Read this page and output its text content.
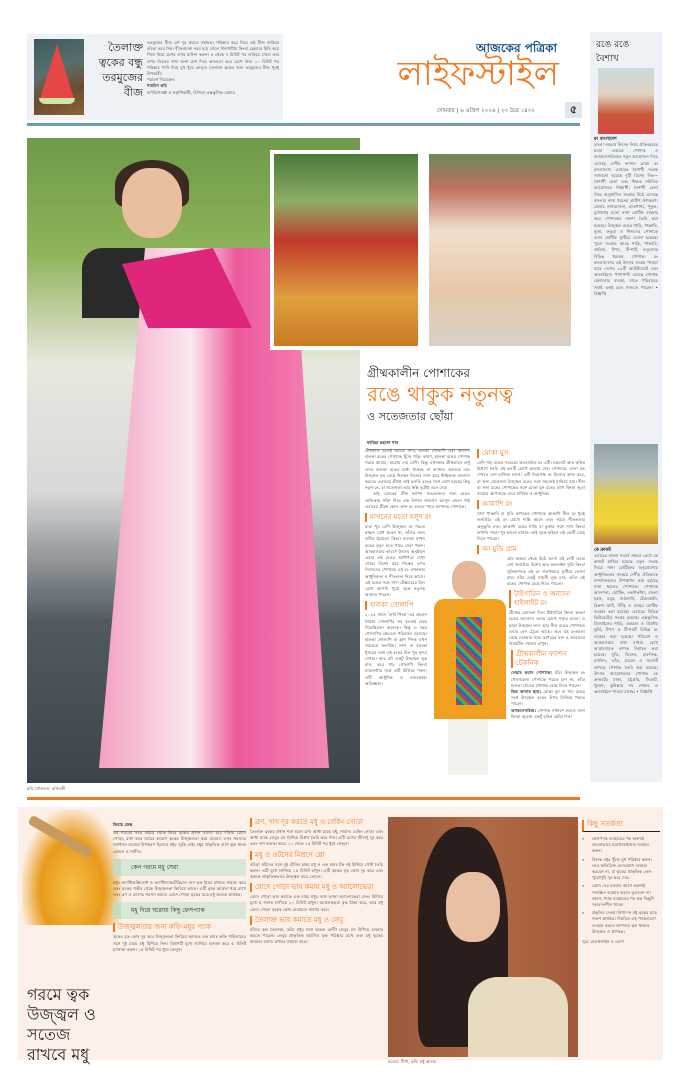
তৈলাক্ত
ত্বকের বন্ধু
তরমুজের
বীজ

তরমুজের বীজ ব্রণ দূর করতে সহায়ক। পরিষ্কার করে নিয়ে এই বীজ শুকিয়ে গুঁড়ো করে নিন। বীজগুলো নরম হয়ে গেলে শিলপাটায় কিংবা ব্লেন্ডারে মিহি করে পিষে নিয়ে ব্রণের ওপর মালিশ করুন। ৫ থেকে ৭ মিনিট পর শুকিয়ে গেলে তার ওপর তিলের সাদা অংশ ব্রাশ দিয়ে আলতো করে মেখে নিন। ১০ মিনিট পর পরিষ্কার পানি দিয়ে মুখ ধুয়ে ফেলুন। তৈলাক্ত ত্বকের জন্য তরমুজের বীজ খুবই উপকারী।

পরামর্শ দিয়েছেন:

শারমিন কচি

রূপবিশেষজ্ঞ ও স্বত্বাধিকারী, বিন্দিয়া এক্সক্লুসিভ কেয়ার

আজকের পত্রিকা
লাইফস্টাইল
সোমবার | ৬ এপ্রিল ২০২৬ | ২৩ চৈত্র ১৪৩২	৫
রঙে রঙে
বৈশাখ
রং বাংলাদেশ
বাংলা নববর্ষে উৎসব নিয়ে প্রতিবছরের মতো এবারও পোশাক ও অ্যাকসেসরিজের নতুন আয়োজন নিয়ে এসেছে দেশীয় ফ্যাশন ব্র্যান্ড রং বাংলাদেশ। এবারের বৈশাখী সংগ্রহ সাজানো হয়েছে দুটি বিশেষ দিক—বৈশাখী মেলা এবং শিক্ষক সমিতির আয়োজনে শিক্ষার্থী। বৈশাখী মেলা নিয়ে অনুপ্রাণিত সংগ্রহে উঠে এসেছে বাংলার নানা ধরনের গ্রামীণ উপকরণ। মেলার নাগরদোলা, হাতপাখা, পুতুল, মুখোশের মতো নানা মোটিফ ব্যবহার করে পোশাকের নকশা তৈরি করা হয়েছে। উজ্জ্বল রঙের শাড়ি, পাঞ্জাবি, কুর্তা, ফতুয়া ও শিশুদের পোশাকে এসব মোটিফ ফুটিয়ে তোলা হয়েছে। পুরো সংগ্রহে আছে শাড়ি, পাঞ্জাবি, কামিজ, টপস, টি-শার্ট, ফতুয়াসহ বিভিন্ন ধরনের পোশাক। রং বাংলাদেশের এই উৎসব সংগ্রহ পাওয়া যাবে দেশের ২৯টি আউটলেটে এবং অনলাইনে। পাশাপাশি রয়েছে পোশাক মেলানোর ব্যবস্থা, যাতে পরিবারের সবাই একই রঙে সাজতে পারেন। • বিজ্ঞপ্তি
কে ক্রাফট
এবারের বাংলা নববর্ষ সামনে রেখে কে ক্রাফট হাজির হয়েছে নতুন সংগ্রহ নিয়ে। নানা মোটিফের অনুপ্রেরণায় আধুনিকতার সমন্বয়ে দেশীয় ঐতিহ্যকে নান্দনিকভাবে উপস্থাপন করা হয়েছে নানা ধরনের পোশাকে। পোশাকে আলপনা, মোটিফ, নকশিকাঁথা, বাংলা হরফ, ময়ূর, জামদানি, টেরাকোটা, রিকশা আর্ট, সিঁড়ি ও মাছের মোটিফ ব্যবহার করা হয়েছে। এবারের বিভিন্ন কিউরেটেড সংগ্রহ রয়েছে। এক্সক্লুসিভ ডিজাইনের শাড়ি, একরঙা ও প্রিন্টের কুর্তি, টপস ও টি-শার্টে বিভিন্ন রং ব্যবহার করা হয়েছে। পরিবেশ ও আবহাওয়ার কথা মাথায় রেখে আরামদায়ক কাপড় নির্বাচন করা হয়েছে। সুতি, লিনেন, হাফসিল্ক, মসলিন, তাঁত, ভয়েল ও জর্জেট কাপড়ে পোশাক তৈরি করা হয়েছে। উৎসব আয়োজনের পোশাক কে ক্রাফটের ঢাকা, চট্টগ্রাম, সিলেট, খুলনা, কুমিল্লার সব শোরুম ও অনলাইনে পাওয়া যাচ্ছে। • বিজ্ঞপ্তি
ছবি সৌজন্যে: রঙিনকী
গ্রীষ্মকালীন পোশাকের
রঙে থাকুক নতুনত্ব
ও সতেজতার ছোঁয়া
ফারিয়া রহমান খান

গ্রীষ্মকাল এলেই আমরা সাদা, হালকা গোলাপি এবং অন্যান্য হালকা রঙের পোশাকে খুঁজে পড়ি। কারণ, হালকা রঙের পোশাক গরমে আরাম, আরাম দেয় বেশি। কিন্তু এখনকার গ্রীষ্মকালে শুধু এসব হালকা রঙের মধ্যে থাকছে না ফ্যাশন। অনেকে বরং উজ্জ্বল রঙ বেছে নিচ্ছেন নিজের সাজ আর স্টাইলকে আলাদা করতে। এবারের গ্রীষ্মে তাই চলতি রঙের সঙ্গে যোগ হয়েছে কিছু নতুন রং, যা সতেজতা আর স্বস্তি দুটোই এনে দেয়।

তাই এবারের গ্রীষ্ম ফ্যাশন সচেতনদের জন্য রঙের তালিকায় শক্তি নিয়ে এক বিশাল জায়গা। আসুন জেনে নিই এবারের গ্রীষ্মে কোন কোন রং চলতে পারে আপনার পোশাকে।

মাখনের মতো হলুদ রং

যারা খুব বেশি উজ্জ্বল রং পরতে স্বচ্ছন্দ বোধ করেন না, তাঁদের জন্য বাটার ইয়েলো কিংবা হালকা মাখন রঙের হলুদ হতে পারে সেরা পছন্দ। আবহাওয়ার কারণে উৎসব অনুষ্ঠানে এবার এই রঙের আধিপত্য দেখা গেছে; বিশেষ করে সিল্কের ওপর নিজেদের পোশাকে এই রং এখনকার আধুনিকতা ও শীতলতা নিয়ে আসে। এই রঙের সঙ্গে সাদা টেক্সচারের মিল রেখে আপনি পুরো লুকে নতুনত্ব আনতে পারেন।

হালকা গোলাপি

২০২৫ সালে ‘বার্বি পিংক’-এর প্রচলন থাকায় গোলাপির সব রংকেই বেছে নিয়েছিলেন অনেকে। কিন্তু এ বছর গোলাপির ক্ষেত্রেও পরিবর্তন এসেছে। হালকা গোলাপি বা ব্লাশ পিংক এখন সবচেয়ে জনপ্রিয়। সাদা বা হালকা ধূসরের সঙ্গে এই রঙের মিল খুব সুন্দর দেখায়। আর যদি একটু উজ্জ্বল লুক চান, তবে গাঢ় গোলাপি কিংবা ম্যাজেন্টার সঙ্গে এটি মিলিয়ে পরুন; এটি আধুনিক ও নজরকাড়া অভিজ্ঞতা।

মোকা মুস

বেশি গাঢ় রঙের সবচেয়ে আলোচিত রং এটি। চকলেট আর কফির মিশ্রণে তৈরি এই রঙটি চোখে আরাম দেয়। পোশাকে, ঢেলা রঙ দেখতে বেশ মার্জিত লাগে। এটি নিরপেক্ষ রং হিসেবে কাজ করে, যা অন্য যেকোনো উজ্জ্বল রঙের সঙ্গে সহজেই মানিয়ে যায়। নীল বা সাদা রঙের পোশাকের সঙ্গে মোকা মুস রঙের ব্যাগ কিংবা জুতা ব্যবহার আপনাকে দেবে মার্জিত ও আধুনিক।

আকাশি রং

সাদা পাঞ্জাবি বা সুতি কাপড়ের পোশাকে আকাশি নীল রং খুবই জনপ্রিয়। এই রং চোখে শান্তি আনে এবং গরমে শীতলতার অনুভূতি দেয়। আকাশি রঙের শাড়ি বা কুর্তার সঙ্গে সাদা কিংবা রুপালি গয়না খুব ভালো মানায়। তাই লুকে চাইলে এই রঙটি বেছে নিতে পারেন।

আ মুডি গ্রাম

গ্রাম অঞ্চল থেকে উঠে আসা এই রংটি এবার বেশ জনপ্রিয়। বিশেষ করে অনলাইন সুতি কিংবা সুতিকাপড়ে এই রং দারুণভাবে ফুটিয়ে তোলা যায়। যাঁরা একটু সাহসী লুক চান, তাঁরা এই রঙের পোশাক বেছে নিতে পারেন।

টাইগারিন ও অন্যান্য হাইলাইট রং

গ্রীষ্মের রোদেলা দিনে টাইগারিন কিংবা কমলা রঙের আবেদন এবার চোখে পড়ার মতো। এ ছাড়া উজ্জ্বল লাল আর নীল রঙের পোশাকও এবার বেশ ট্রেন্ডে আছে। তবে এই রংগুলো বেছে নেওয়ার সময় কাপড়ের মান ও আরামের বিষয়টিও খেয়াল রাখুন।

গ্রীষ্মকালীন ফ্যাশন টেকনিক

লেয়ার কমান পোশাকে: যাঁরা উজ্জ্বল রং খোলামেলা পোশাকে পরতে চান না, তাঁরা হালকা শেডের পোশাক বেছে নিতে পারেন।

ভিন্ন আনার ছাড়: মোকা মুস বা গাঢ় রঙের সঙ্গে উজ্জ্বল রঙের উপর মিলিয়ে পরতে পারেন।

অ্যাকসেসরিজ: পোশাক সাধারণ হলেও ব্যাগ কিংবা জুতায় একটু রঙিন ছোঁয়া দিন।

গরমে ত্বক
উজ্জ্বল ও
সতেজ
রাখবে মধু
ফিচার ডেস্ক

এই গরমের সময় বাইরে থেকে ফিরে ত্বকের প্রধান সমস্যা হয়ে দাঁড়ায় রোদে পোড়া, র‍্যাশ আর ঘামের কারণে ত্বকের উজ্জ্বলতা কমে যাওয়া। এসব সমস্যার সমাধানে ঘরোয়া উপকরণ হিসেবে মধুর জুড়ি নেই। মধুর প্রাকৃতিক গুণে ত্বক থাকে কোমল ও সজীব।

কেন গরমে মধু সেরা

মধুর অ্যান্টিঅক্সিডেন্ট ও অ্যান্টিব্যাকটেরিয়াল গুণ ত্বক ঠান্ডা রাখতে সাহায্য করে এবং ত্বকের গভীর থেকে উজ্জ্বলতা ফিরিয়ে আনে। এটি ত্বকে আর্দ্রতা ধরে রাখে এবং ব্রণ ও র‍্যাশের সমস্যা কমায়। রোদে পোড়া ত্বকের যত্নে মধু অত্যন্ত কার্যকর।

মধু দিয়ে ঘরোয়া কিছু ফেসপ্যাক
উজ্জ্বলতার জন্য কফি-মধুর প্যাক

ত্বকের মৃত কোষ দূর করে উজ্জ্বলতা ফিরিয়ে আনতে এক চামচ কফি পাউডারের সঙ্গে দুই চামচ মধু মিশিয়ে নিন। মিশ্রণটি মুখে লাগিয়ে হালকা করে ৫ মিনিট ম্যাসাজ করুন। ১৫ মিনিট পর ধুয়ে ফেলুন।

ব্রণ, দাগ দূর করতে মধু ও বেকিং সোডা

তৈলাক্ত ত্বকের প্রধান শত্রু হলো ব্রণ। আধা চামচ মধু, সামান্য বেকিং সোডা এবং আধা চামচ লেবুর রস মিশিয়ে মিশ্রণ তৈরি করে নিন। এটি ব্রণের জীবাণু দূর করে এবং দাগ হালকা করে। ১০ থেকে ১৫ মিনিট পর ধুয়ে ফেলুন।

মধু ও ওটসের মিশ্রণে গ্লো

গুঁড়ো ওটসের সঙ্গে দুই টেবিল চামচ মধু ও এক চামচ টক দই মিশিয়ে পেস্ট তৈরি করুন। এটি মুখে লাগিয়ে ১৫ মিনিট রাখুন। এটি ত্বকের মৃত কোষ দূর করে এবং ত্বককে প্রাকৃতিকভাবে উজ্জ্বল করে তোলে।

রোদে পোড়া ভাব কমায় মধু ও অ্যালোভেরা

রোদে পোড়া ভাব কমাতে এক চামচ মধুর সঙ্গে তাজা অ্যালোভেরা জেল মিশিয়ে মুখে ও গলায় লাগিয়ে ২০ মিনিট রাখুন। অ্যালোভেরা ত্বক ঠান্ডা করে, আর মধু রোদে পোড়া ত্বকের কোষ মেরামতে সাহায্য করে।

তৈলাক্ত ভাব কমাতে মধু ও লেবু

যাঁদের ত্বক তৈলাক্ত, তাঁরা মধুর সঙ্গে কয়েক ফোঁটা লেবুর রস মিশিয়ে ব্যবহার করতে পারেন। লেবুর প্রাকৃতিক অ্যাসিড ত্বক পরিষ্কার রাখে এবং মধু ত্বকের আর্দ্রতা বজায় রাখতে সাহায্য করে।

মডেল: দীপা, ছবি: মধু আলম
কিছু সতর্কতা
» ফেসপ্যাক ব্যবহারের পর অবশ্যই ভালোভাবে ময়েশ্চারাইজার ব্যবহার করুন।
» বিশুদ্ধ মধুর খুঁজে মুখ পরিষ্কার করুন। তবে অতিরিক্ত ফেসওয়াশ ব্যবহার করবেন না, যা ত্বকের প্রাকৃতিক তেল পুরোপুরি দূর করে দেয়।
» রোদে বের হওয়ার আগে অবশ্যই সানস্ক্রিন ব্যবহার করতে ভুলবেন না। কারণ, প্যাক ব্যবহারের পর ত্বক কিছুটা সংবেদনশীল থাকে।
» প্রকৃতির দেওয়া উপাদান মধু ত্বকের যত্নে দারুণ কার্যকর। নিয়মিত এই প্যাকগুলো ব্যবহার করলে আপনার ত্বক থাকবে উজ্জ্বল ও প্রাণবন্ত।
সূত্র: হেলথলাইন ও ভোগ
